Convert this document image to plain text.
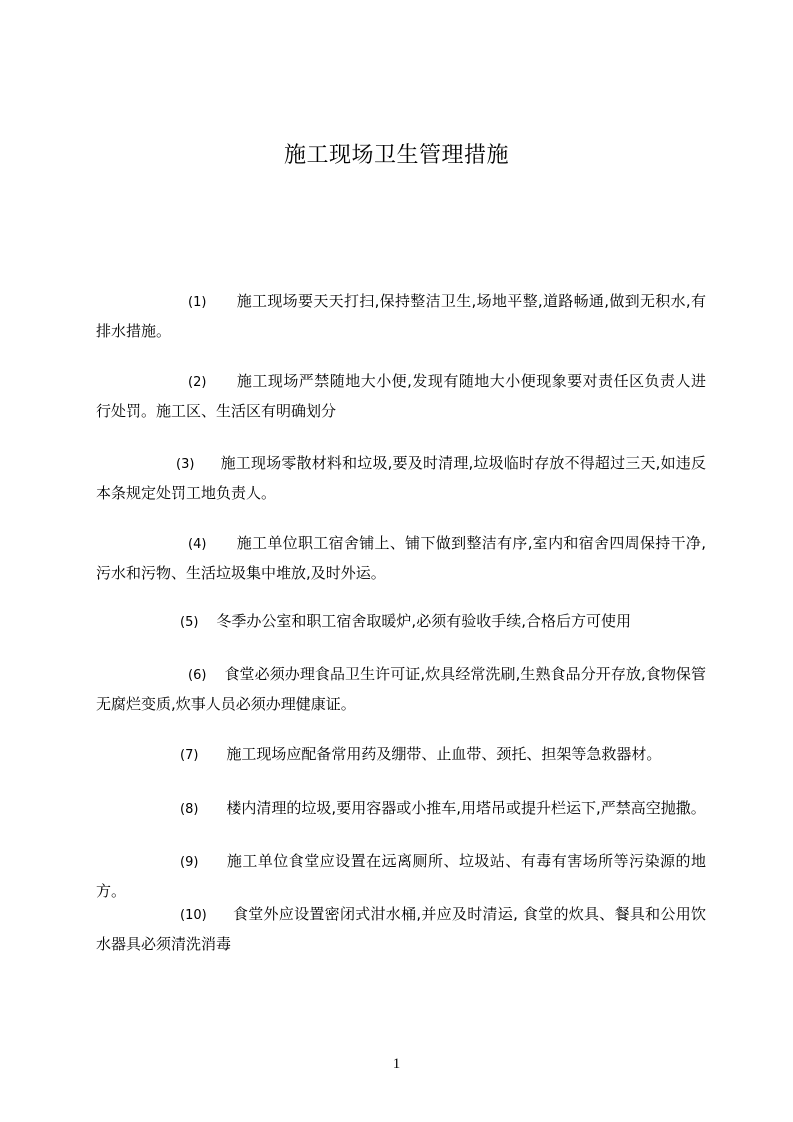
施工现场卫生管理措施

(1) 施工现场要天天打扫,保持整洁卫生,场地平整,道路畅通,做到无积水,有排水措施。

(2) 施工现场严禁随地大小便,发现有随地大小便现象要对责任区负责人进行处罚。施工区、生活区有明确划分

(3) 施工现场零散材料和垃圾,要及时清理,垃圾临时存放不得超过三天,如违反本条规定处罚工地负责人。

(4) 施工单位职工宿舍铺上、铺下做到整洁有序,室内和宿舍四周保持干净,污水和污物、生活垃圾集中堆放,及时外运。

(5) 冬季办公室和职工宿舍取暖炉,必须有验收手续,合格后方可使用

(6) 食堂必须办理食品卫生许可证,炊具经常洗刷,生熟食品分开存放,食物保管无腐烂变质,炊事人员必须办理健康证。

(7) 施工现场应配备常用药及绷带、止血带、颈托、担架等急救器材。

(8) 楼内清理的垃圾,要用容器或小推车,用塔吊或提升栏运下,严禁高空抛撒。

(9) 施工单位食堂应设置在远离厕所、垃圾站、有毒有害场所等污染源的地方。

(10) 食堂外应设置密闭式泔水桶,并应及时清运, 食堂的炊具、餐具和公用饮水器具必须清洗消毒

1
